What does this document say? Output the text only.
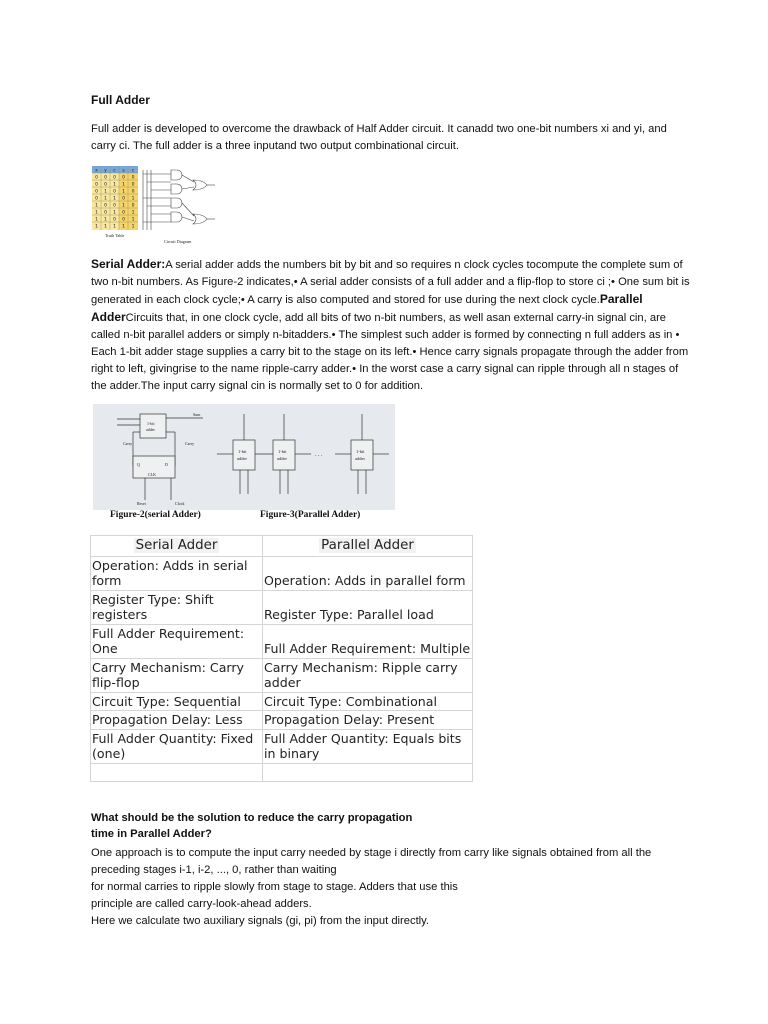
Full Adder
Full adder is developed to overcome the drawback of Half Adder circuit. It canadd two one-bit numbers xi and yi, and carry ci. The full adder is a three inputand two output combinational circuit.
x y c s c
0 0 0 0 0
0 0 1 1 0
0 1 0 1 0
0 1 1 0 1
1 0 0 1 0
1 0 1 0 1
1 1 0 0 1
1 1 1 1 1
Truth Table
Circuit Diagram
Serial Adder:A serial adder adds the numbers bit by bit and so requires n clock cycles tocompute the complete sum of two n-bit numbers. As Figure-2 indicates,• A serial adder consists of a full adder and a flip-flop to store ci ;• One sum bit is generated in each clock cycle;• A carry is also computed and stored for use during the next clock cycle.Parallel AdderCircuits that, in one clock cycle, add all bits of two n-bit numbers, as well asan external carry-in signal cin, are called n-bit parallel adders or simply n-bitadders.• The simplest such adder is formed by connecting n full adders as in • Each 1-bit adder stage supplies a carry bit to the stage on its left.• Hence carry signals propagate through the adder from right to left, givingrise to the name ripple-carry adder.• In the worst case a carry signal can ripple through all n stages of the adder.The input carry signal cin is normally set to 0 for addition.
1-bit
adder
Sum
Q	D
CLK
Carry	Carry
Reset	Clock
1-bit
adder
1-bit
adder
1-bit
adder
. . .
Figure-2(serial Adder)	Figure-3(Parallel Adder)
Serial Adder	Parallel Adder
Operation: Adds in serial form	Operation: Adds in parallel form
Register Type: Shift registers	Register Type: Parallel load
Full Adder Requirement: One	Full Adder Requirement: Multiple
Carry Mechanism: Carry flip-flop	Carry Mechanism: Ripple carry adder
Circuit Type: Sequential	Circuit Type: Combinational
Propagation Delay: Less	Propagation Delay: Present
Full Adder Quantity: Fixed (one)	Full Adder Quantity: Equals bits in binary

What should be the solution to reduce the carry propagation
time in Parallel Adder?
One approach is to compute the input carry needed by stage i directly from carry like signals obtained from all the preceding stages i-1, i-2, ..., 0, rather than waiting
for normal carries to ripple slowly from stage to stage. Adders that use this
principle are called carry-look-ahead adders.
Here we calculate two auxiliary signals (gi, pi) from the input directly.
